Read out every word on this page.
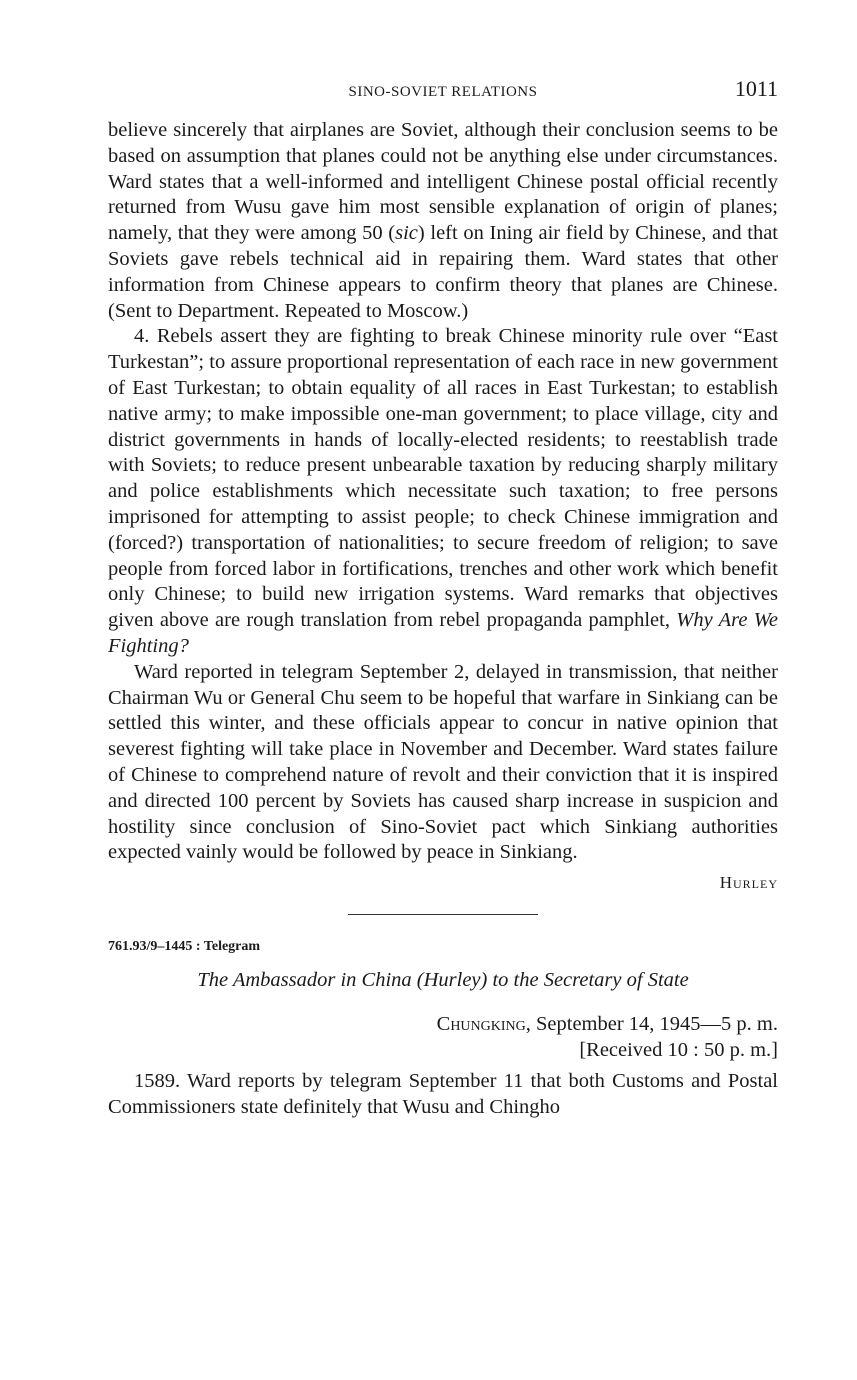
SINO-SOVIET RELATIONS	1011

believe sincerely that airplanes are Soviet, although their conclusion seems to be based on assumption that planes could not be anything else under circumstances. Ward states that a well-informed and intelligent Chinese postal official recently returned from Wusu gave him most sensible explanation of origin of planes; namely, that they were among 50 (sic) left on Ining air field by Chinese, and that Soviets gave rebels technical aid in repairing them. Ward states that other information from Chinese appears to confirm theory that planes are Chinese. (Sent to Department. Repeated to Moscow.)

4. Rebels assert they are fighting to break Chinese minority rule over “East Turkestan”; to assure proportional representation of each race in new government of East Turkestan; to obtain equality of all races in East Turkestan; to establish native army; to make impossible one-man government; to place village, city and district governments in hands of locally-elected residents; to reestablish trade with Soviets; to reduce present unbearable taxation by reducing sharply military and police establishments which necessitate such taxation; to free persons imprisoned for attempting to assist people; to check Chinese immigration and (forced?) transportation of nationalities; to secure freedom of religion; to save people from forced labor in fortifications, trenches and other work which benefit only Chinese; to build new irrigation systems. Ward remarks that objectives given above are rough translation from rebel propaganda pamphlet, Why Are We Fighting?

Ward reported in telegram September 2, delayed in transmission, that neither Chairman Wu or General Chu seem to be hopeful that warfare in Sinkiang can be settled this winter, and these officials appear to concur in native opinion that severest fighting will take place in November and December. Ward states failure of Chinese to comprehend nature of revolt and their conviction that it is inspired and directed 100 percent by Soviets has caused sharp increase in suspicion and hostility since conclusion of Sino-Soviet pact which Sinkiang authorities expected vainly would be followed by peace in Sinkiang.

Hurley
761.93/9–1445 : Telegram
The Ambassador in China (Hurley) to the Secretary of State
Chungking, September 14, 1945—5 p. m.
[Received 10 : 50 p. m.]

1589. Ward reports by telegram September 11 that both Customs and Postal Commissioners state definitely that Wusu and Chingho
